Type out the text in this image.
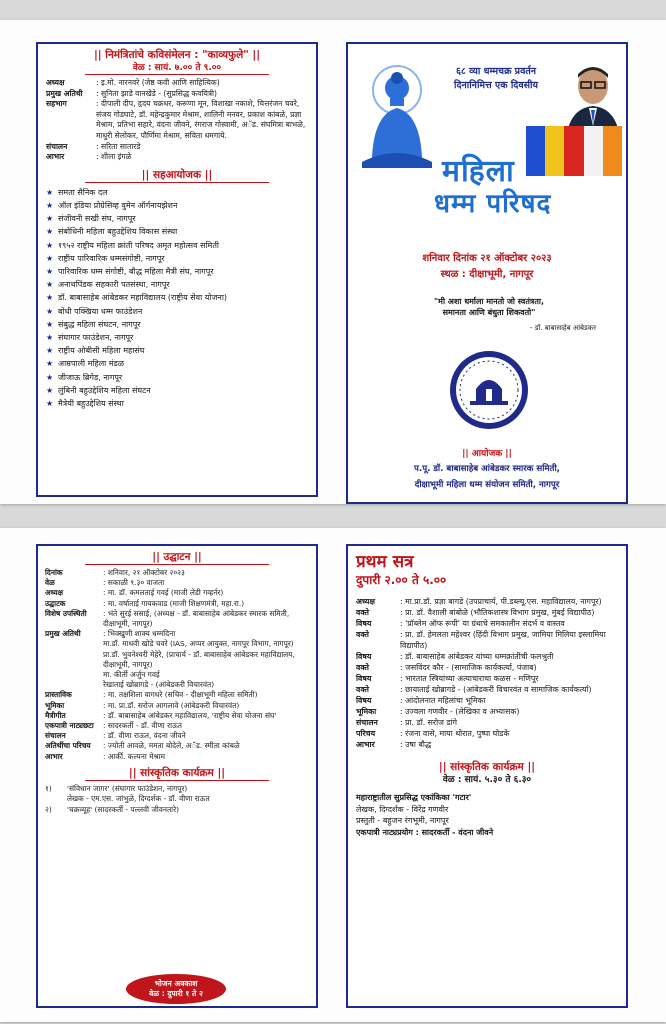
|| निमंत्रितांचे कविसंमेलन : "काव्यफुले" ||
वेळ : सायं. ७.०० ते ९.००
अध्यक्ष	: इ.मो. नारनवरे (जेष्ठ कवी आणि साहित्यिक)
प्रमुख अतिथी	: सुनिता झाडे वानखेडे - (सुप्रसिद्ध कवयित्री)
सहभाग	: दीपाली दीप, हृदय चक्रधर, करूणा मून, विशाखा नकाशे, चित्तरंजन चवरे, संजय गोडघाटे, डॉ. महेन्द्रकुमार मेश्राम, शालिनी मनवर, प्रकाश कांबळे, प्रज्ञा मेश्राम, प्रतिभा सहारे, वंदना जीवने, रंगराज गोस्वामी, अॅड. संघमित्रा बाभळे, माधुरी सेलोकर, पौर्णिमा मेश्राम, सविता धमगाये.
संचालन	: सरिता सातारडे
आभार	: शीला इंगळे
|| सहआयोजक ||
★ समता सैनिक दल
★ ऑल इंडिया प्रोग्रेसिव्ह वुमेन ऑर्गनायझेशन
★ संजीवनी सखी संघ, नागपूर
★ संबोधिनी महिला बहुउद्देशिय विकास संस्था
★ १९५२ राष्ट्रीय महिला क्रांती परिषद अमृत महोत्सव समिती
★ राष्ट्रीय पारिवारिक धम्मसंगोष्टी, नागपूर
★ पारिवारिक धम्म संगोष्टी, बौद्ध महिला मैत्री संघ, नागपूर
★ अनाथपिंडक सहकारी पतसंस्था, नागपूर
★ डॉ. बाबासाहेब आंबेडकर महाविद्यालय (राष्ट्रीय सेवा योजना)
★ बोधी पक्खिया धम्म फाउंडेशन
★ संबुद्ध महिला संघटन, नागपूर
★ संघागार फाउंडेशन, नागपूर
★ राष्ट्रीय ओबीसी महिला महासंघ
★ आम्रपाली महिला मंडळ
★ जीजाऊ ब्रिगेड, नागपूर
★ लुंबिनी बहुउद्देशिय महिला संघटन
★ मैत्रेयी बहुउद्देशिय संस्था
६८ व्या धम्मचक्र प्रवर्तन
दिनानिमित्त एक दिवसीय
महिला
धम्म परिषद
शनिवार दिनांक २१ ऑक्टोबर २०२३
स्थळ : दीक्षाभूमी, नागपूर
"मी अशा धर्माला मानतो जो स्वतंत्रता,
समानता आणि बंधुता शिकवतो"
- डॉ. बाबासाहेब आंबेडकर
|| आयोजक ||
प.पू. डॉ. बाबासाहेब आंबेडकर स्मारक समिती,
दीक्षाभूमी महिला धम्म संयोजन समिती, नागपूर
|| उद्घाटन ||
दिनांक	: शनिवार, २१ ऑक्टोबर २०२३
वेळ	: सकाळी ९.३० वाजता
अध्यक्ष	: मा. डॉ. कमलताई गवई (माजी लेडी गव्हर्नर)
उद्घाटक	: मा. वर्षाताई गायकवाड (माजी शिक्षणमंत्री, महा.रा.)
विशेष उपस्थिती	: भंते सुरई ससाई, (अध्यक्ष - डॉ. बाबासाहेब आंबेडकर स्मारक समिती, दीक्षाभूमी, नागपूर)
प्रमुख अतिथी	: भिक्खुणी शाक्य धम्मदिना
मा.डॉ. माधवी खोडे चवरे (IAS, अप्पर आयुक्त, नागपूर विभाग, नागपूर)
प्रा.डॉ. भुवनेश्वरी मेहेरे, (प्राचार्य - डॉ. बाबासाहेब आंबेडकर महाविद्यालय, दीक्षाभूमी, नागपूर)
मा. कीर्ती अर्जुन गवई
रेखाताई खोब्रागडे - (आंबेडकरी विचारवंत)
प्रास्ताविक	: मा. तक्षशिला वागधरे (सचिव - दीक्षाभूमी महिला समिती)
भूमिका	: मा. प्रा.डॉ. सरोज आगलावे (आंबेडकरी विचारवंत)
मैत्रीगीत	: डॉ. बाबासाहेब आंबेडकर महाविद्यालय, 'राष्ट्रीय सेवा योजना संघ'
एकपात्री नाट्यछटा	: सादरकर्ती - डॉ. वीणा राऊत
संचालन	: डॉ. वीणा राऊत, वंदना जीवने
अतिथींचा परिचय	: ज्योती आवळे, ममता बोदेले, अॅड. स्मीता कांबळे
आभार	: आर्की. कल्पना मेश्राम
|| सांस्कृतिक कार्यक्रम ||
१)	'संविधान जागर' (संघागार फाउंडेशन, नागपूर)
लेखक - एम.एस. जांभुळे, दिग्दर्शक - डॉ. वीणा राऊत
२)	'चक्रव्यूह' (सादरकर्ती - पल्लवी जीवनतारे)
भोजन अवकाश
वेळ : दुपारी १ ते २
प्रथम सत्र
दुपारी २.०० ते ५.००
अध्यक्ष	: मा.प्रा.डॉ. प्रज्ञा बागडे (उपप्राचार्य, पी.डब्ल्यू.एस. महाविद्यालय, नागपूर)
वक्ते	: प्रा. डॉ. वैशाली बांबोळे (भौतिकशास्त्र विभाग प्रमुख, मुंबई विद्यापीठ)
विषय	: 'प्रॉब्लेम ऑफ रूपी' या ग्रंथाचे समकालीन संदर्भ व वास्तव
वक्ते	: प्रा. डॉ. हेमलता महेश्वर (हिंदी विभाग प्रमुख, जामिया मिलिया इस्लामिया विद्यापीठ)
विषय	: डॉ. बाबासाहेब आंबेडकर यांच्या धम्मक्रांतीची फलश्रुती
वक्ते	: जसविंदर कौर - (सामाजिक कार्यकर्त्या, पंजाब)
विषय	: भारतात स्त्रियांच्या अत्याचाराचा कळस - मणिपूर
वक्ते	: छायाताई खोब्रागडे - (आंबेडकरी विचारवंत व सामाजिक कार्यकर्त्या)
विषय	: आंदोलनात महिलांचा भूमिका
भूमिका	: उज्वला गणवीर - (लेखिका व अभ्यासक)
संचालन	: प्रा. डॉ. सरोज डांगे
परिचय	: रंजना वासे, माया थोरात, पुष्पा घोडके
आभार	: उषा बौद्ध
|| सांस्कृतिक कार्यक्रम ||
वेळ : सायं. ५.३० ते ६.३०
महाराष्ट्रातील सुप्रसिद्ध एकांकिका 'गटार'
लेखक, दिग्दर्शक - विरेंद्र गणवीर
प्रस्तुती - बहुजन रंगभूमी, नागपूर
एकपात्री नाट्यप्रयोग : सादरकर्ती - वंदना जीवने
